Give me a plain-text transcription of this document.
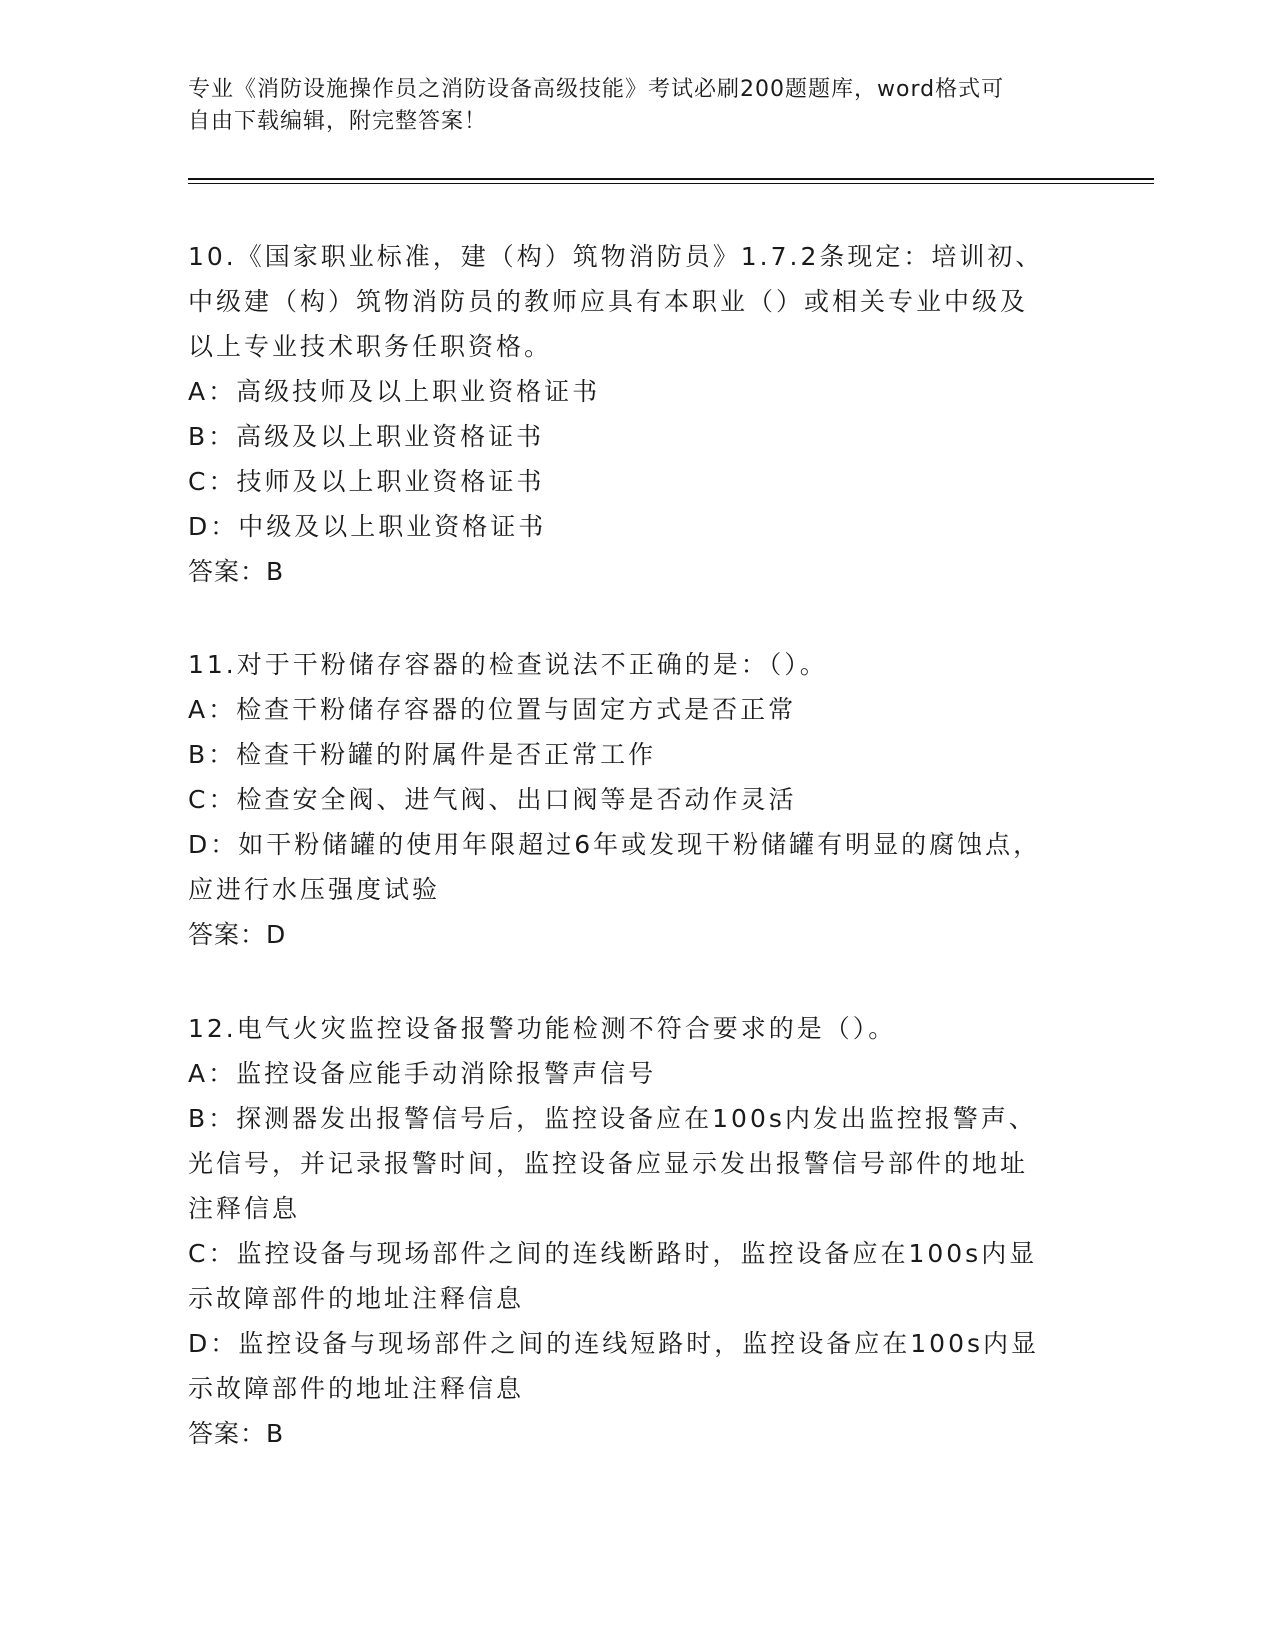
专业《消防设施操作员之消防设备高级技能》考试必刷200题题库，word格式可
自由下载编辑，附完整答案！
10.《国家职业标准，建（构）筑物消防员》1.7.2条现定：培训初、
中级建（构）筑物消防员的教师应具有本职业（）或相关专业中级及
以上专业技术职务任职资格。
A：高级技师及以上职业资格证书
B：高级及以上职业资格证书
C：技师及以上职业资格证书
D：中级及以上职业资格证书
答案：B
11.对于干粉储存容器的检查说法不正确的是：（）。
A：检查干粉储存容器的位置与固定方式是否正常
B：检查干粉罐的附属件是否正常工作
C：检查安全阀、进气阀、出口阀等是否动作灵活
D：如干粉储罐的使用年限超过6年或发现干粉储罐有明显的腐蚀点，
应进行水压强度试验
答案：D
12.电气火灾监控设备报警功能检测不符合要求的是（）。
A：监控设备应能手动消除报警声信号
B：探测器发出报警信号后，监控设备应在100s内发出监控报警声、
光信号，并记录报警时间，监控设备应显示发出报警信号部件的地址
注释信息
C：监控设备与现场部件之间的连线断路时，监控设备应在100s内显
示故障部件的地址注释信息
D：监控设备与现场部件之间的连线短路时，监控设备应在100s内显
示故障部件的地址注释信息
答案：B
